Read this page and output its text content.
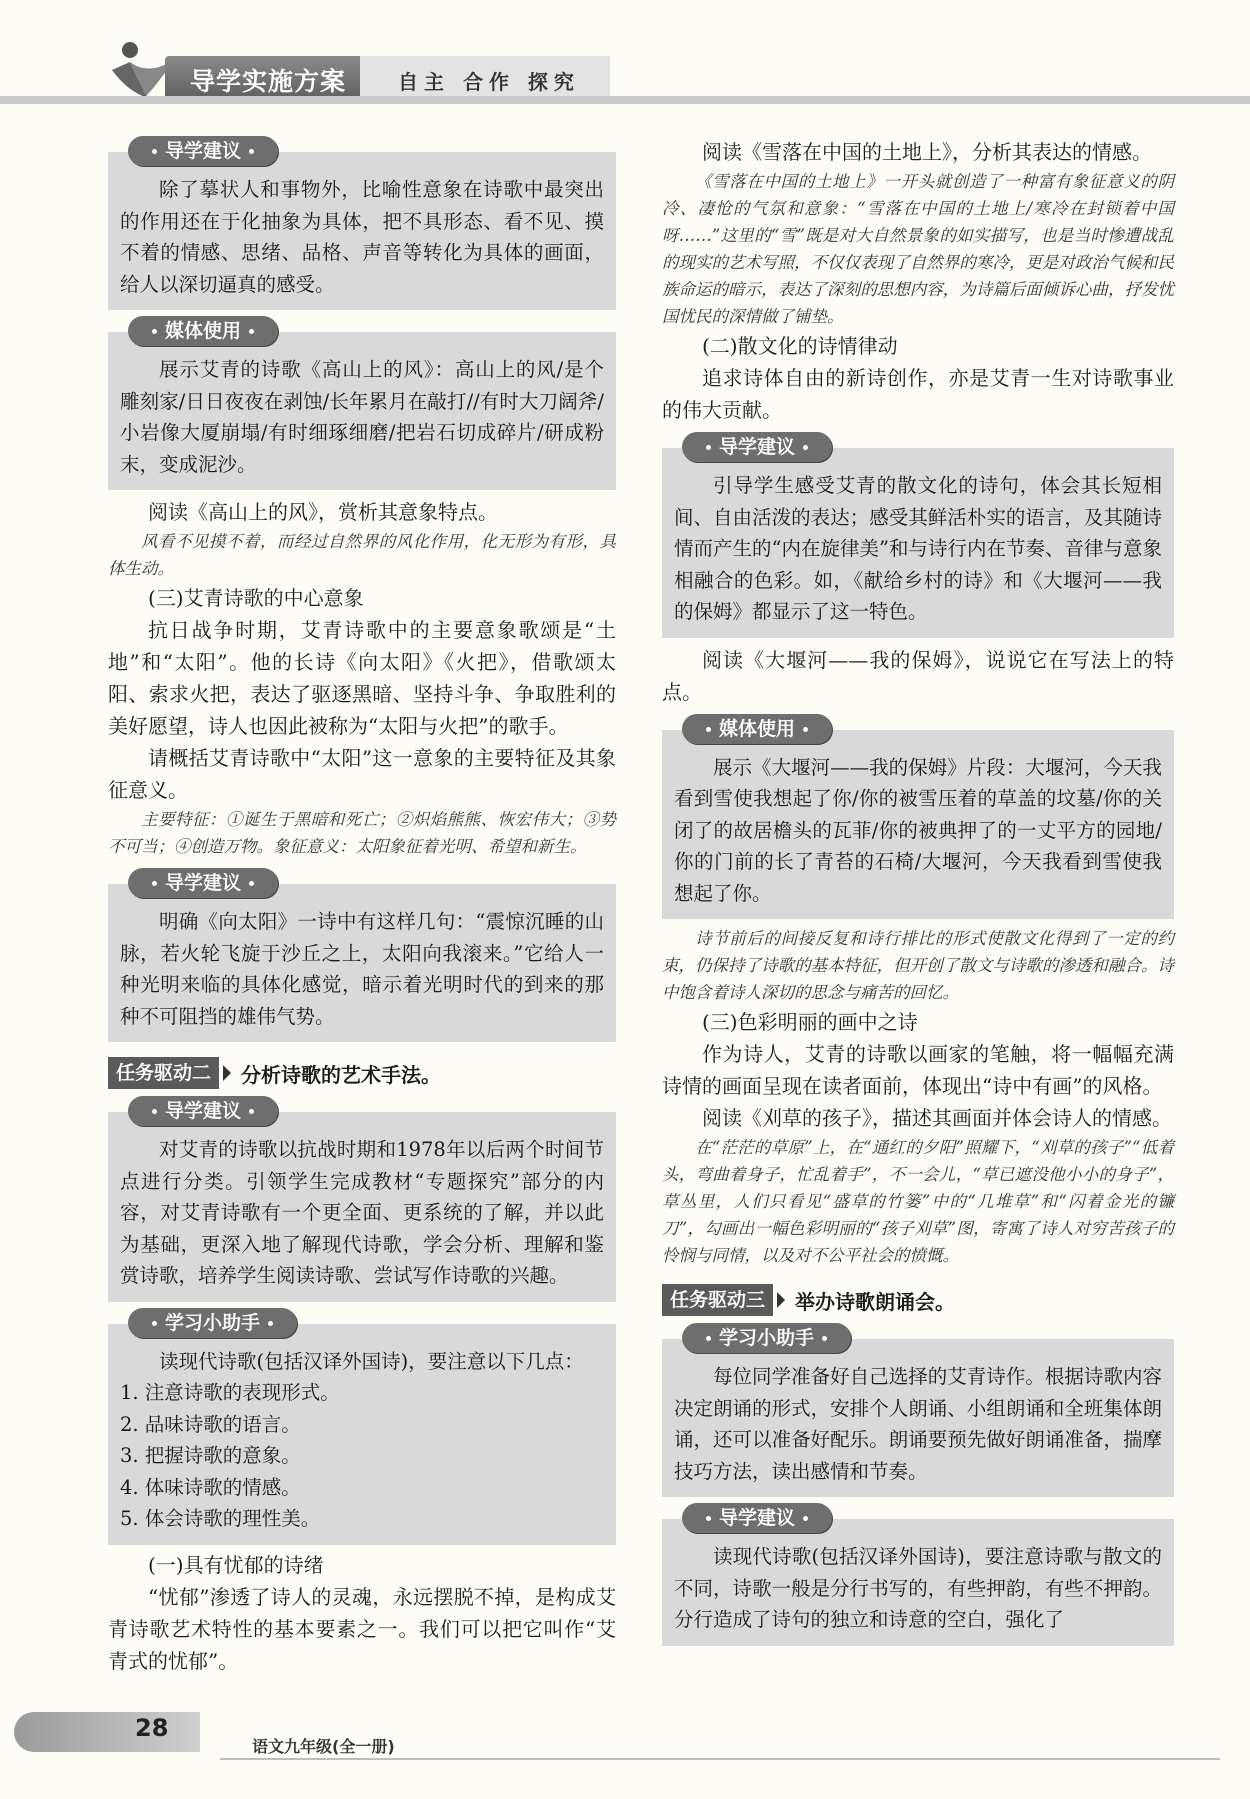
导学实施方案	自主 合作 探究
导学建议

除了摹状人和事物外，比喻性意象在诗歌中最突出的作用还在于化抽象为具体，把不具形态、看不见、摸不着的情感、思绪、品格、声音等转化为具体的画面，给人以深切逼真的感受。

媒体使用

展示艾青的诗歌《高山上的风》：高山上的风/是个雕刻家/日日夜夜在剥蚀/长年累月在敲打//有时大刀阔斧/小岩像大厦崩塌/有时细琢细磨/把岩石切成碎片/研成粉末，变成泥沙。

阅读《高山上的风》，赏析其意象特点。

风看不见摸不着，而经过自然界的风化作用，化无形为有形，具体生动。

(三)艾青诗歌的中心意象

抗日战争时期，艾青诗歌中的主要意象歌颂是“土地”和“太阳”。他的长诗《向太阳》《火把》，借歌颂太阳、索求火把，表达了驱逐黑暗、坚持斗争、争取胜利的美好愿望，诗人也因此被称为“太阳与火把”的歌手。

请概括艾青诗歌中“太阳”这一意象的主要特征及其象征意义。

主要特征：①诞生于黑暗和死亡；②炽焰熊熊、恢宏伟大；③势不可当；④创造万物。象征意义：太阳象征着光明、希望和新生。

导学建议

明确《向太阳》一诗中有这样几句：“震惊沉睡的山脉，若火轮飞旋于沙丘之上，太阳向我滚来。”它给人一种光明来临的具体化感觉，暗示着光明时代的到来的那种不可阻挡的雄伟气势。

任务驱动二	分析诗歌的艺术手法。
导学建议

对艾青的诗歌以抗战时期和1978年以后两个时间节点进行分类。引领学生完成教材“专题探究”部分的内容，对艾青诗歌有一个更全面、更系统的了解，并以此为基础，更深入地了解现代诗歌，学会分析、理解和鉴赏诗歌，培养学生阅读诗歌、尝试写作诗歌的兴趣。

学习小助手

读现代诗歌(包括汉译外国诗)，要注意以下几点：

1. 注意诗歌的表现形式。

2. 品味诗歌的语言。

3. 把握诗歌的意象。

4. 体味诗歌的情感。

5. 体会诗歌的理性美。

(一)具有忧郁的诗绪

“忧郁”渗透了诗人的灵魂，永远摆脱不掉，是构成艾青诗歌艺术特性的基本要素之一。我们可以把它叫作“艾青式的忧郁”。

阅读《雪落在中国的土地上》，分析其表达的情感。

《雪落在中国的土地上》一开头就创造了一种富有象征意义的阴冷、凄怆的气氛和意象：“雪落在中国的土地上/寒冷在封锁着中国呀……”这里的“雪”既是对大自然景象的如实描写，也是当时惨遭战乱的现实的艺术写照，不仅仅表现了自然界的寒冷，更是对政治气候和民族命运的暗示，表达了深刻的思想内容，为诗篇后面倾诉心曲，抒发忧国忧民的深情做了铺垫。

(二)散文化的诗情律动

追求诗体自由的新诗创作，亦是艾青一生对诗歌事业的伟大贡献。

导学建议

引导学生感受艾青的散文化的诗句，体会其长短相间、自由活泼的表达；感受其鲜活朴实的语言，及其随诗情而产生的“内在旋律美”和与诗行内在节奏、音律与意象相融合的色彩。如，《献给乡村的诗》和《大堰河——我的保姆》都显示了这一特色。

阅读《大堰河——我的保姆》，说说它在写法上的特点。

媒体使用

展示《大堰河——我的保姆》片段：大堰河，今天我看到雪使我想起了你/你的被雪压着的草盖的坟墓/你的关闭了的故居檐头的瓦菲/你的被典押了的一丈平方的园地/你的门前的长了青苔的石椅/大堰河，今天我看到雪使我想起了你。

诗节前后的间接反复和诗行排比的形式使散文化得到了一定的约束，仍保持了诗歌的基本特征，但开创了散文与诗歌的渗透和融合。诗中饱含着诗人深切的思念与痛苦的回忆。

(三)色彩明丽的画中之诗

作为诗人，艾青的诗歌以画家的笔触，将一幅幅充满诗情的画面呈现在读者面前，体现出“诗中有画”的风格。

阅读《刈草的孩子》，描述其画面并体会诗人的情感。

在“茫茫的草原”上，在“通红的夕阳”照耀下，“刈草的孩子”“低着头，弯曲着身子，忙乱着手”，不一会儿，“草已遮没他小小的身子”，草丛里，人们只看见“盛草的竹篓”中的“几堆草”和“闪着金光的镰刀”，勾画出一幅色彩明丽的“孩子刈草”图，寄寓了诗人对穷苦孩子的怜悯与同情，以及对不公平社会的愤慨。

任务驱动三	举办诗歌朗诵会。
学习小助手

每位同学准备好自己选择的艾青诗作。根据诗歌内容决定朗诵的形式，安排个人朗诵、小组朗诵和全班集体朗诵，还可以准备好配乐。朗诵要预先做好朗诵准备，揣摩技巧方法，读出感情和节奏。

导学建议

读现代诗歌(包括汉译外国诗)，要注意诗歌与散文的不同，诗歌一般是分行书写的，有些押韵，有些不押韵。分行造成了诗句的独立和诗意的空白，强化了

28
语文九年级(全一册)
